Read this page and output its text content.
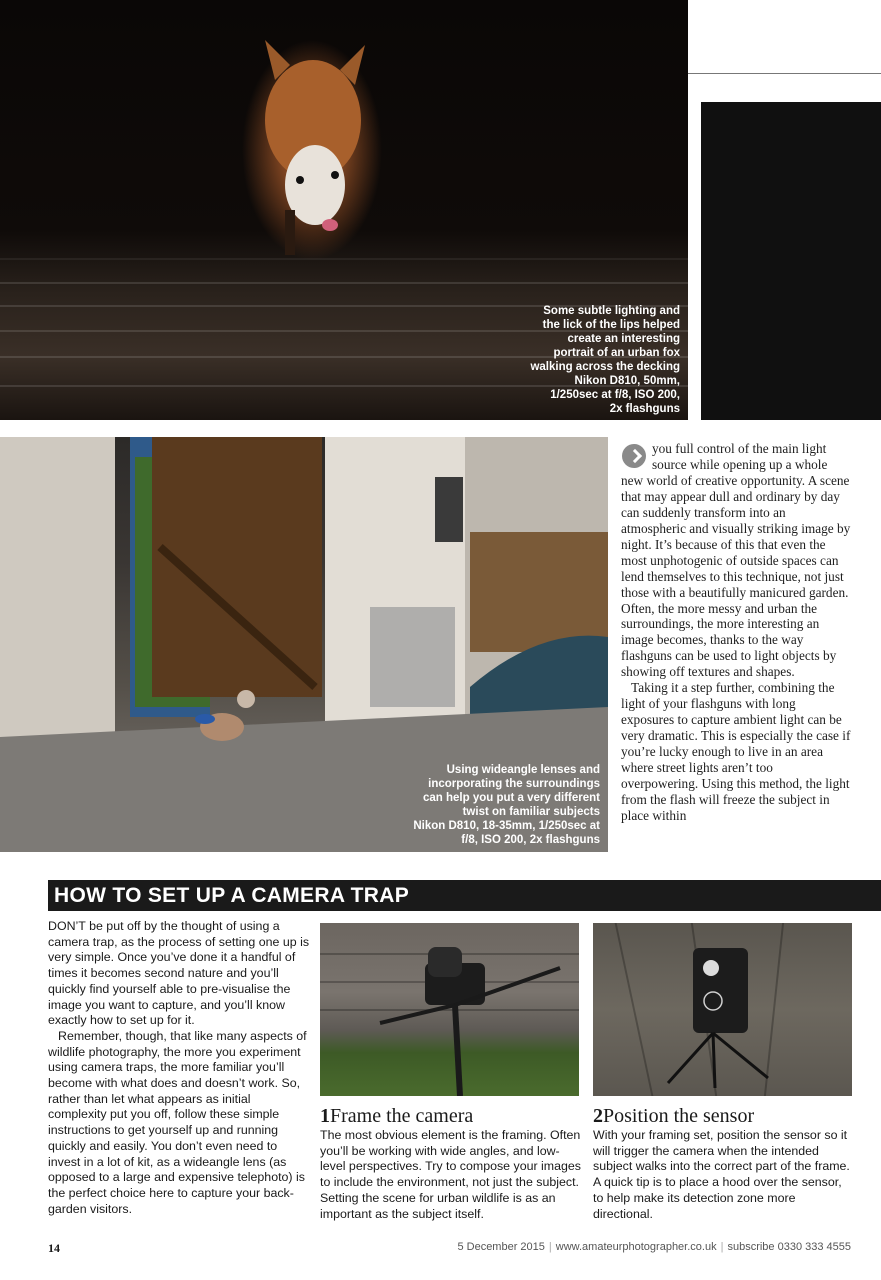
Some subtle lighting and
the lick of the lips helped
create an interesting
portrait of an urban fox
walking across the decking
Nikon D810, 50mm,
1/250sec at f/8, ISO 200,
2x flashguns
Using wideangle lenses and
incorporating the surroundings
can help you put a very different
twist on familiar subjects
Nikon D810, 18-35mm, 1/250sec at
f/8, ISO 200, 2x flashguns

you full control of the main light source while opening up a whole new world of creative opportunity. A scene that may appear dull and ordinary by day can suddenly transform into an atmospheric and visually striking image by night. It’s because of this that even the most unphotogenic of outside spaces can lend themselves to this technique, not just those with a beautifully manicured garden. Often, the more messy and urban the surroundings, the more interesting an image becomes, thanks to the way flashguns can be used to light objects by showing off textures and shapes.

Taking it a step further, combining the light of your flashguns with long exposures to capture ambient light can be very dramatic. This is especially the case if you’re lucky enough to live in an area where street lights aren’t too overpowering. Using this method, the light from the flash will freeze the subject in place within

HOW TO SET UP A CAMERA TRAP

DON’T be put off by the thought of using a camera trap, as the process of setting one up is very simple. Once you’ve done it a handful of times it becomes second nature and you’ll quickly find yourself able to pre-visualise the image you want to capture, and you’ll know exactly how to set up for it.

Remember, though, that like many aspects of wildlife photography, the more you experiment using camera traps, the more familiar you’ll become with what does and doesn’t work. So, rather than let what appears as initial complexity put you off, follow these simple instructions to get yourself up and running quickly and easily. You don’t even need to invest in a lot of kit, as a wideangle lens (as opposed to a large and expensive telephoto) is the perfect choice here to capture your back-garden visitors.

1Frame the camera
The most obvious element is the framing. Often you’ll be working with wide angles, and low-level perspectives. Try to compose your images to include the environment, not just the subject. Setting the scene for urban wildlife is as an important as the subject itself.
2Position the sensor
With your framing set, position the sensor so it will trigger the camera when the intended subject walks into the correct part of the frame. A quick tip is to place a hood over the sensor, to help make its detection zone more directional.
14	5 December 2015 | www.amateurphotographer.co.uk | subscribe 0330 333 4555
